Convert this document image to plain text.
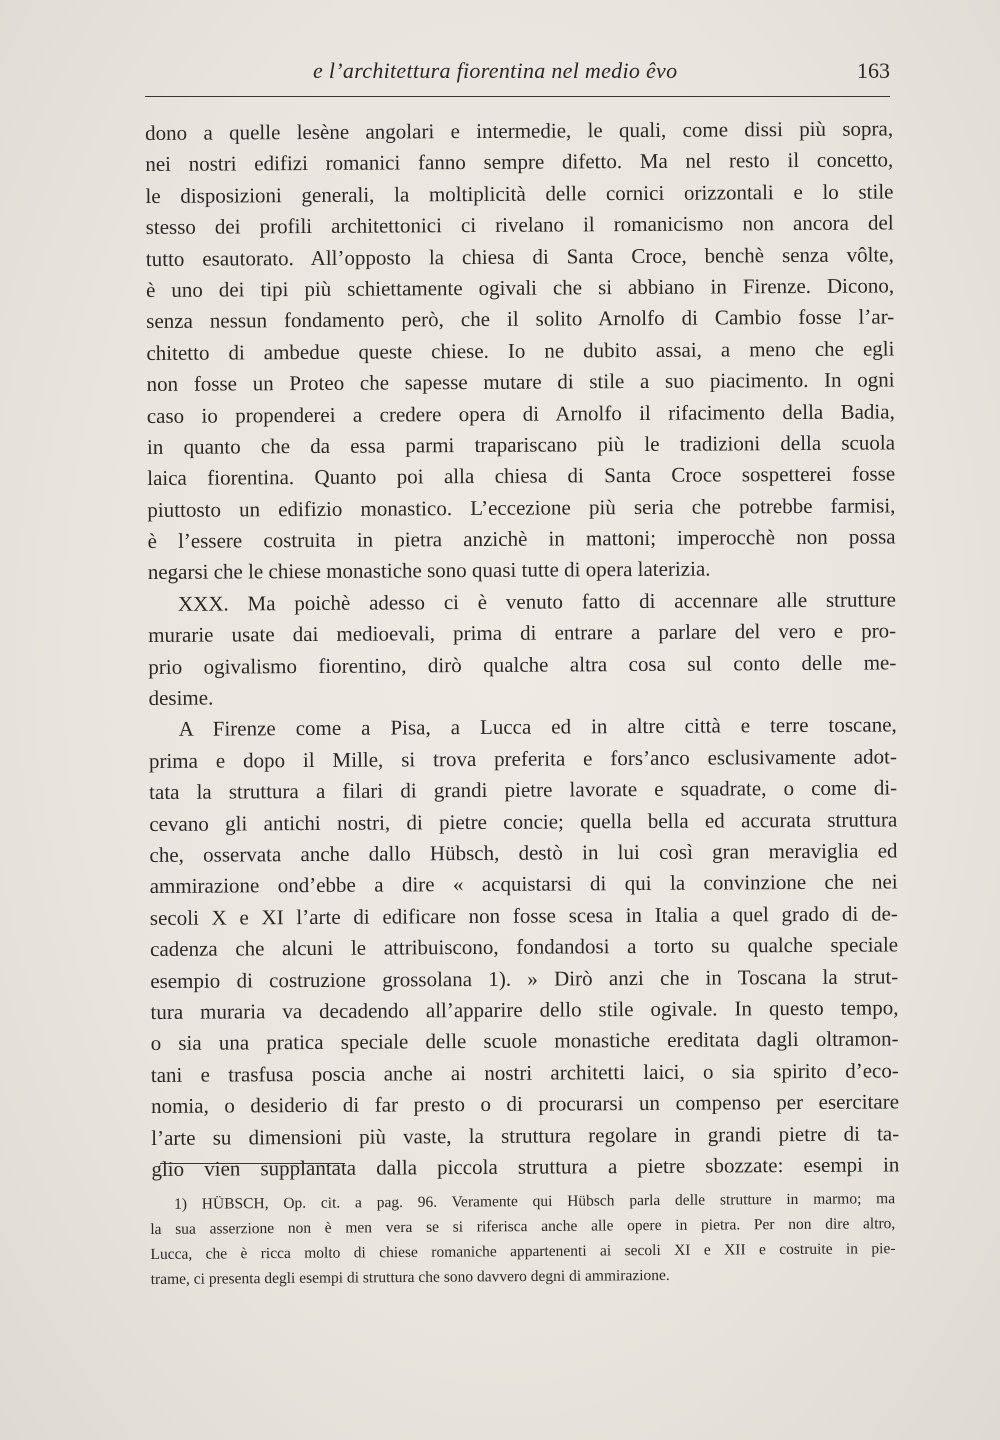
e l’architettura fiorentina nel medio êvo	163
dono a quelle lesène angolari e intermedie, le quali, come dissi più sopra,
nei nostri edifizi romanici fanno sempre difetto. Ma nel resto il concetto,
le disposizioni generali, la moltiplicità delle cornici orizzontali e lo stile
stesso dei profili architettonici ci rivelano il romanicismo non ancora del
tutto esautorato. All’opposto la chiesa di Santa Croce, benchè senza vôlte,
è uno dei tipi più schiettamente ogivali che si abbiano in Firenze. Dicono,
senza nessun fondamento però, che il solito Arnolfo di Cambio fosse l’ar-
chitetto di ambedue queste chiese. Io ne dubito assai, a meno che egli
non fosse un Proteo che sapesse mutare di stile a suo piacimento. In ogni
caso io propenderei a credere opera di Arnolfo il rifacimento della Badia,
in quanto che da essa parmi trapariscano più le tradizioni della scuola
laica fiorentina. Quanto poi alla chiesa di Santa Croce sospetterei fosse
piuttosto un edifizio monastico. L’eccezione più seria che potrebbe farmisi,
è l’essere costruita in pietra anzichè in mattoni; imperocchè non possa
negarsi che le chiese monastiche sono quasi tutte di opera laterizia.
XXX. Ma poichè adesso ci è venuto fatto di accennare alle strutture
murarie usate dai medioevali, prima di entrare a parlare del vero e pro-
prio ogivalismo fiorentino, dirò qualche altra cosa sul conto delle me-
desime.
A Firenze come a Pisa, a Lucca ed in altre città e terre toscane,
prima e dopo il Mille, si trova preferita e fors’anco esclusivamente adot-
tata la struttura a filari di grandi pietre lavorate e squadrate, o come di-
cevano gli antichi nostri, di pietre concie; quella bella ed accurata struttura
che, osservata anche dallo Hübsch, destò in lui così gran meraviglia ed
ammirazione ond’ebbe a dire « acquistarsi di qui la convinzione che nei
secoli X e XI l’arte di edificare non fosse scesa in Italia a quel grado di de-
cadenza che alcuni le attribuiscono, fondandosi a torto su qualche speciale
esempio di costruzione grossolana 1). » Dirò anzi che in Toscana la strut-
tura muraria va decadendo all’apparire dello stile ogivale. In questo tempo,
o sia una pratica speciale delle scuole monastiche ereditata dagli oltramon-
tani e trasfusa poscia anche ai nostri architetti laici, o sia spirito d’eco-
nomia, o desiderio di far presto o di procurarsi un compenso per esercitare
l’arte su dimensioni più vaste, la struttura regolare in grandi pietre di ta-
glio vien supplantata dalla piccola struttura a pietre sbozzate: esempi in
1) HÜBSCH, Op. cit. a pag. 96. Veramente qui Hübsch parla delle strutture in marmo; ma
la sua asserzione non è men vera se si riferisca anche alle opere in pietra. Per non dire altro,
Lucca, che è ricca molto di chiese romaniche appartenenti ai secoli XI e XII e costruite in pie-
trame, ci presenta degli esempi di struttura che sono davvero degni di ammirazione.
